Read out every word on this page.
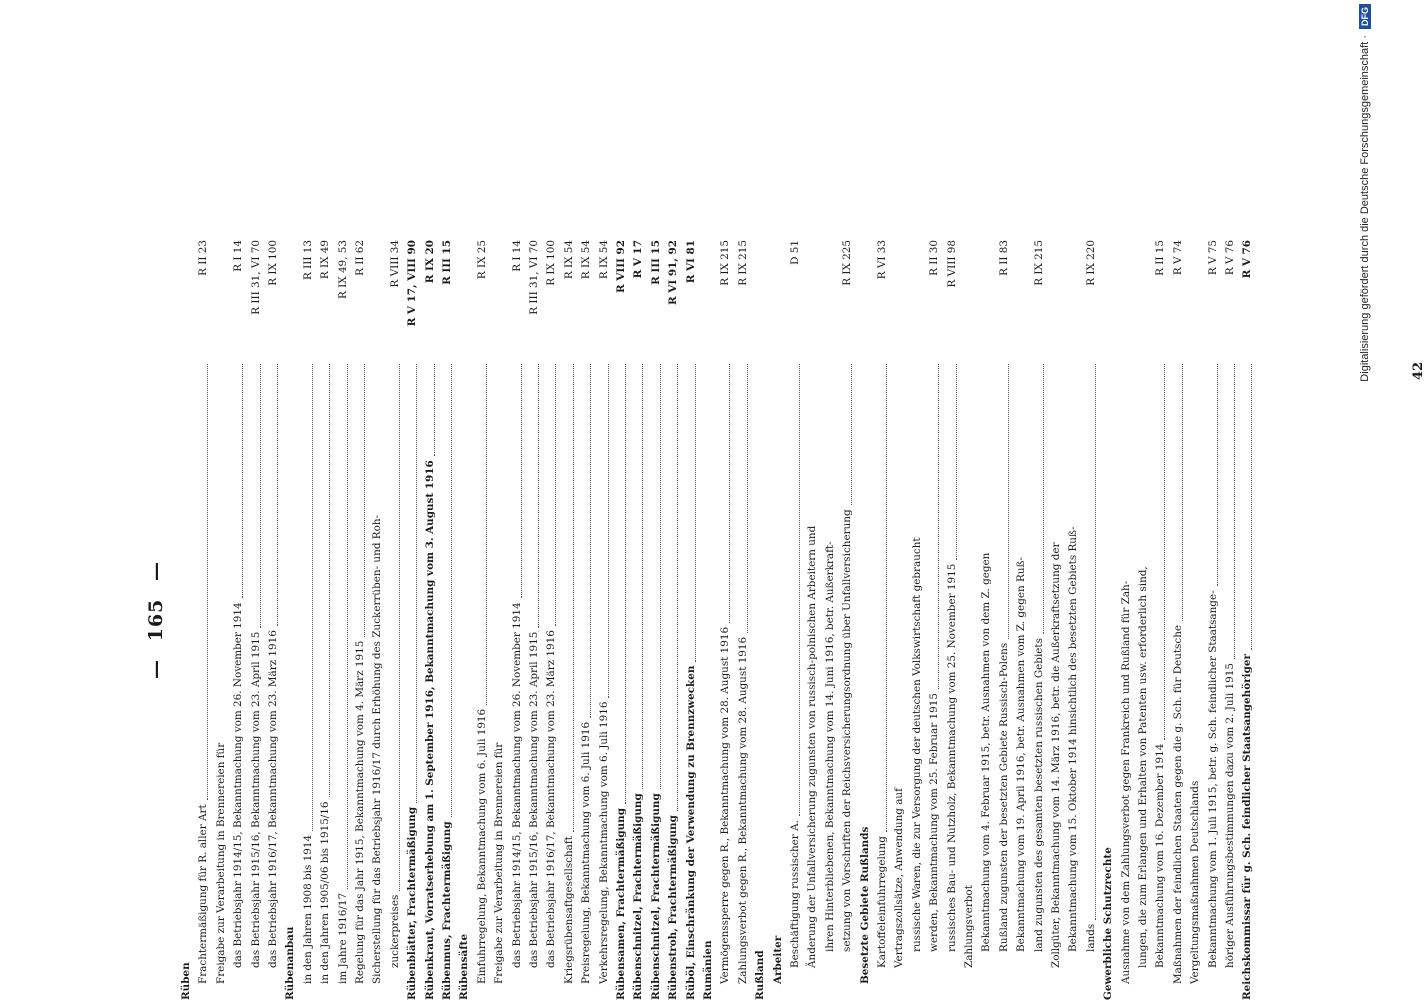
— 165 —
Rüben Frachtermäßigung für R. aller Art
R II 23
Freigabe zur Verarbeitung in Brennereien für das Betriebsjahr 1914/15, Bekanntmachung vom 26. November 1914
R I 14
das Betriebsjahr 1915/16, Bekanntmachung vom 23. April 1915
R III 31, VI 70
das Betriebsjahr 1916/17, Bekanntmachung vom 23. März 1916
R IX 100
Rübenanbau in den Jahren 1908 bis 1914
R III 13
in den Jahren 1905/06 bis 1915/16
R IX 49
im Jahre 1916/17
R IX 49, 53
Regelung für das Jahr 1915, Bekanntmachung vom 4. März 1915
R II 62
Sicherstellung für das Betriebsjahr 1916/17 durch Erhöhung des Zuckerrüben- und Roh- zuckerpreises
R VIII 34
Rübenblätter, Frachtermäßigung
R V 17, VIII 90
Rübenkraut, Vorratserhebung am 1. September 1916, Bekanntmachung vom 3. August 1916
R IX 20
Rübenmus, Frachtermäßigung
R III 15
Rübensäfte Einfuhrregelung, Bekanntmachung vom 6. Juli 1916
R IX 25
Freigabe zur Verarbeitung in Brennereien für das Betriebsjahr 1914/15, Bekanntmachung vom 26. November 1914
R I 14
das Betriebsjahr 1915/16, Bekanntmachung vom 23. April 1915
R III 31, VI 70
das Betriebsjahr 1916/17, Bekanntmachung vom 23. März 1916
R IX 100
Kriegsrübensaftgesellschaft
R IX 54
Preisregelung, Bekanntmachung vom 6. Juli 1916
R IX 54
Verkehrsregelung, Bekanntmachung vom 6. Juli 1916
R IX 54
Rübensamen, Frachtermäßigung
R VIII 92
Rübenschnitzel, Frachtermäßigung
R V 17
Rübenschnitzel, Frachtermäßigung
R III 15
Rübenstroh, Frachtermäßigung
R VI 91, 92
Rüböl, Einschränkung der Verwendung zu Brennzwecken
R VI 81
Rumänien Vermögenssperre gegen R., Bekanntmachung vom 28. August 1916
R IX 215
Zahlungsverbot gegen R., Bekanntmachung vom 28. August 1916
R IX 215
Rußland Arbeiter Beschäftigung russischer A.
D 51
Änderung der Unfallversicherung zugunsten von russisch-polnischen Arbeitern und ihren Hinterbliebenen, Bekanntmachung vom 14. Juni 1916, betr. Außerkraft- setzung von Vorschriften der Reichsversicherungsordnung über Unfallversicherung
R IX 225
Besetzte Gebiete Rußlands Kartoffeleinfuhrregelung
R VI 33
Vertragszollsätze, Anwendung auf russische Waren, die zur Versorgung der deutschen Volkswirtschaft gebraucht werden, Bekanntmachung vom 25. Februar 1915
R II 30
russisches Bau- und Nutzholz, Bekanntmachung vom 25. November 1915
R VIII 98
Zahlungsverbot Bekanntmachung vom 4. Februar 1915, betr. Ausnahmen von dem Z. gegen Rußland zugunsten der besetzten Gebiete Russisch-Polens
R II 83
Bekanntmachung vom 19. April 1916, betr. Ausnahmen vom Z. gegen Ruß- land zugunsten des gesamten besetzten russischen Gebiets
R IX 215
Zollgüter, Bekanntmachung vom 14. März 1916, betr. die Außerkraftsetzung der Bekanntmachung vom 15. Oktober 1914 hinsichtlich des besetzten Gebiets Ruß- lands
R IX 220
Gewerbliche Schutzrechte Ausnahme von dem Zahlungsverbot gegen Frankreich und Rußland für Zah- lungen, die zum Erlangen und Erhalten von Patenten usw. erforderlich sind, Bekanntmachung vom 16. Dezember 1914
R II 15
Maßnahmen der feindlichen Staaten gegen die g. Sch. für Deutsche
R V 74
Vergeltungsmaßnahmen Deutschlands Bekanntmachung vom 1. Juli 1915, betr. g. Sch. feindlicher Staatsange-
R V 75
höriger Ausführungsbestimmungen dazu vom 2. Juli 1915
R V 76
Reichskommissar für g. Sch. feindlicher Staatsangehöriger
R V 76
42
Digitalisierung gefördert durch die Deutsche Forschungsgemeinschaft ·
DFG
